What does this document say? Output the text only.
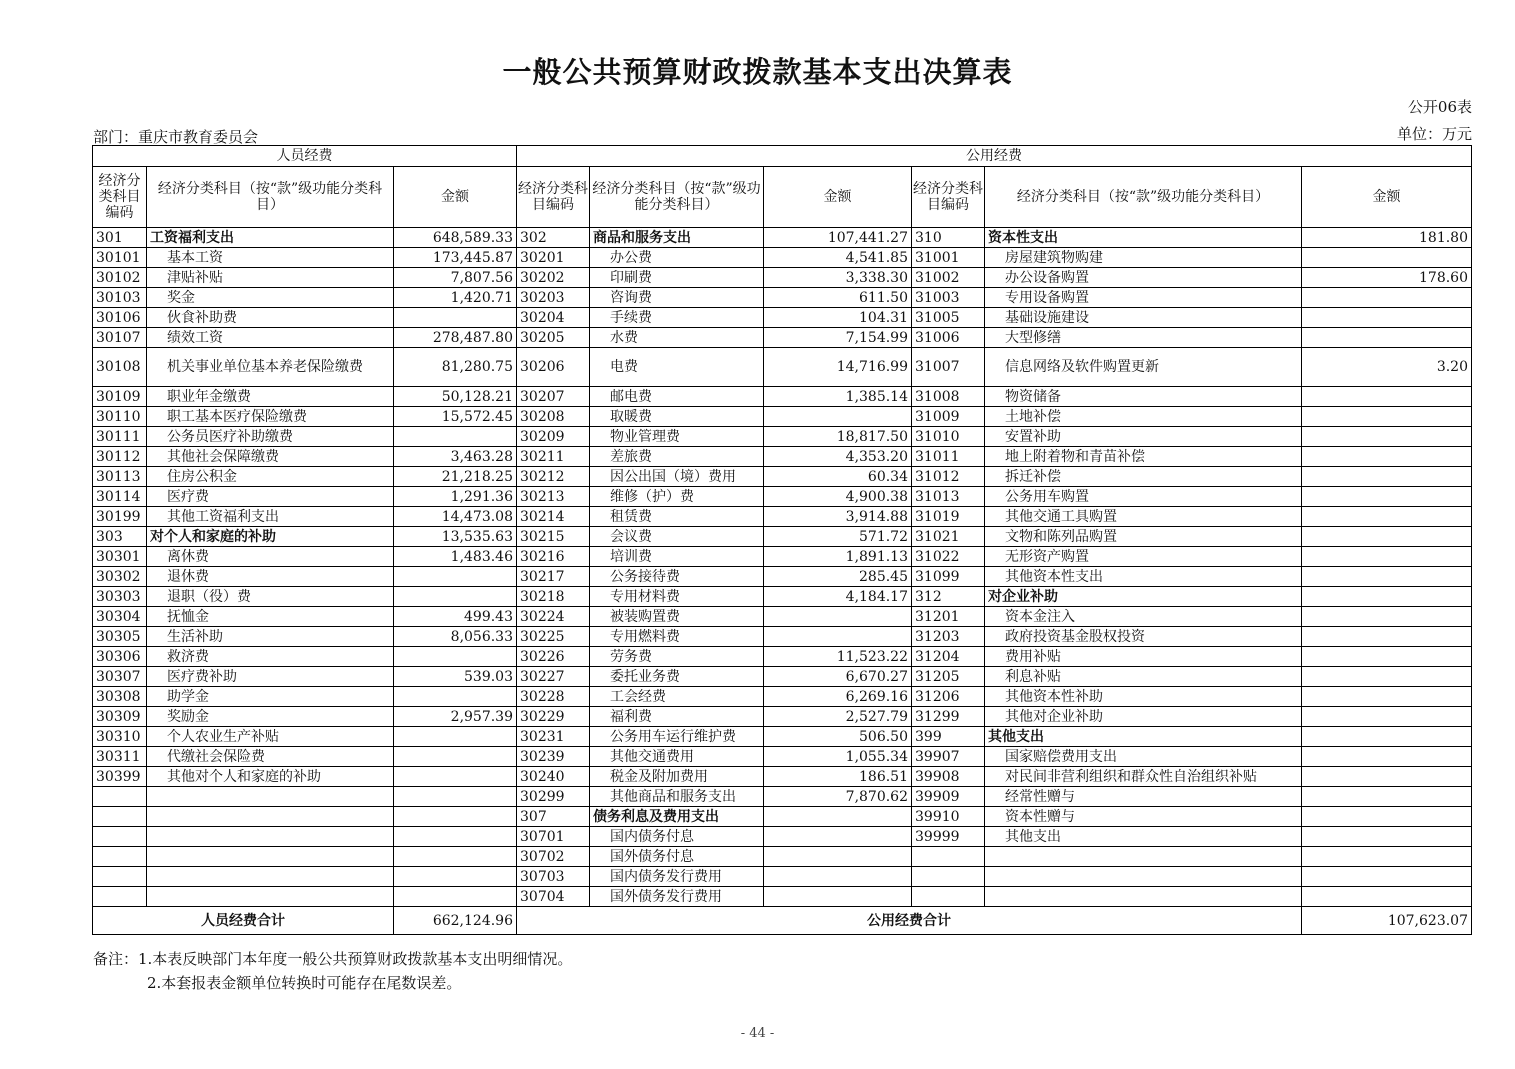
一般公共预算财政拨款基本支出决算表
公开06表
部门：重庆市教育委员会	单位：万元
人员经费			公用经费					
经济分类科目编码	经济分类科目（按“款”级功能分类科目）	金额	经济分类科目编码	经济分类科目（按“款”级功能分类科目）	金额	经济分类科目编码	经济分类科目（按“款”级功能分类科目）	金额
301	工资福利支出	648,589.33	302	商品和服务支出	107,441.27	310	资本性支出	181.80
30101	基本工资	173,445.87	30201	办公费	4,541.85	31001	房屋建筑物购建	
30102	津贴补贴	7,807.56	30202	印刷费	3,338.30	31002	办公设备购置	178.60
30103	奖金	1,420.71	30203	咨询费	611.50	31003	专用设备购置	
30106	伙食补助费		30204	手续费	104.31	31005	基础设施建设	
30107	绩效工资	278,487.80	30205	水费	7,154.99	31006	大型修缮	
30108	机关事业单位基本养老保险缴费	81,280.75	30206	电费	14,716.99	31007	信息网络及软件购置更新	3.20
30109	职业年金缴费	50,128.21	30207	邮电费	1,385.14	31008	物资储备	
30110	职工基本医疗保险缴费	15,572.45	30208	取暖费		31009	土地补偿	
30111	公务员医疗补助缴费		30209	物业管理费	18,817.50	31010	安置补助	
30112	其他社会保障缴费	3,463.28	30211	差旅费	4,353.20	31011	地上附着物和青苗补偿	
30113	住房公积金	21,218.25	30212	因公出国（境）费用	60.34	31012	拆迁补偿	
30114	医疗费	1,291.36	30213	维修（护）费	4,900.38	31013	公务用车购置	
30199	其他工资福利支出	14,473.08	30214	租赁费	3,914.88	31019	其他交通工具购置	
303	对个人和家庭的补助	13,535.63	30215	会议费	571.72	31021	文物和陈列品购置	
30301	离休费	1,483.46	30216	培训费	1,891.13	31022	无形资产购置	
30302	退休费		30217	公务接待费	285.45	31099	其他资本性支出	
30303	退职（役）费		30218	专用材料费	4,184.17	312	对企业补助	
30304	抚恤金	499.43	30224	被装购置费		31201	资本金注入	
30305	生活补助	8,056.33	30225	专用燃料费		31203	政府投资基金股权投资	
30306	救济费		30226	劳务费	11,523.22	31204	费用补贴	
30307	医疗费补助	539.03	30227	委托业务费	6,670.27	31205	利息补贴	
30308	助学金		30228	工会经费	6,269.16	31206	其他资本性补助	
30309	奖励金	2,957.39	30229	福利费	2,527.79	31299	其他对企业补助	
30310	个人农业生产补贴		30231	公务用车运行维护费	506.50	399	其他支出	
30311	代缴社会保险费		30239	其他交通费用	1,055.34	39907	国家赔偿费用支出	
30399	其他对个人和家庭的补助		30240	税金及附加费用	186.51	39908	对民间非营利组织和群众性自治组织补贴	
			30299	其他商品和服务支出	7,870.62	39909	经常性赠与	
			307	债务利息及费用支出		39910	资本性赠与	
			30701	国内债务付息		39999	其他支出	
			30702	国外债务付息				
			30703	国内债务发行费用				
			30704	国外债务发行费用				
人员经费合计		662,124.96	公用经费合计					107,623.07
备注：1.本表反映部门本年度一般公共预算财政拨款基本支出明细情况。
2.本套报表金额单位转换时可能存在尾数误差。
- 44 -
